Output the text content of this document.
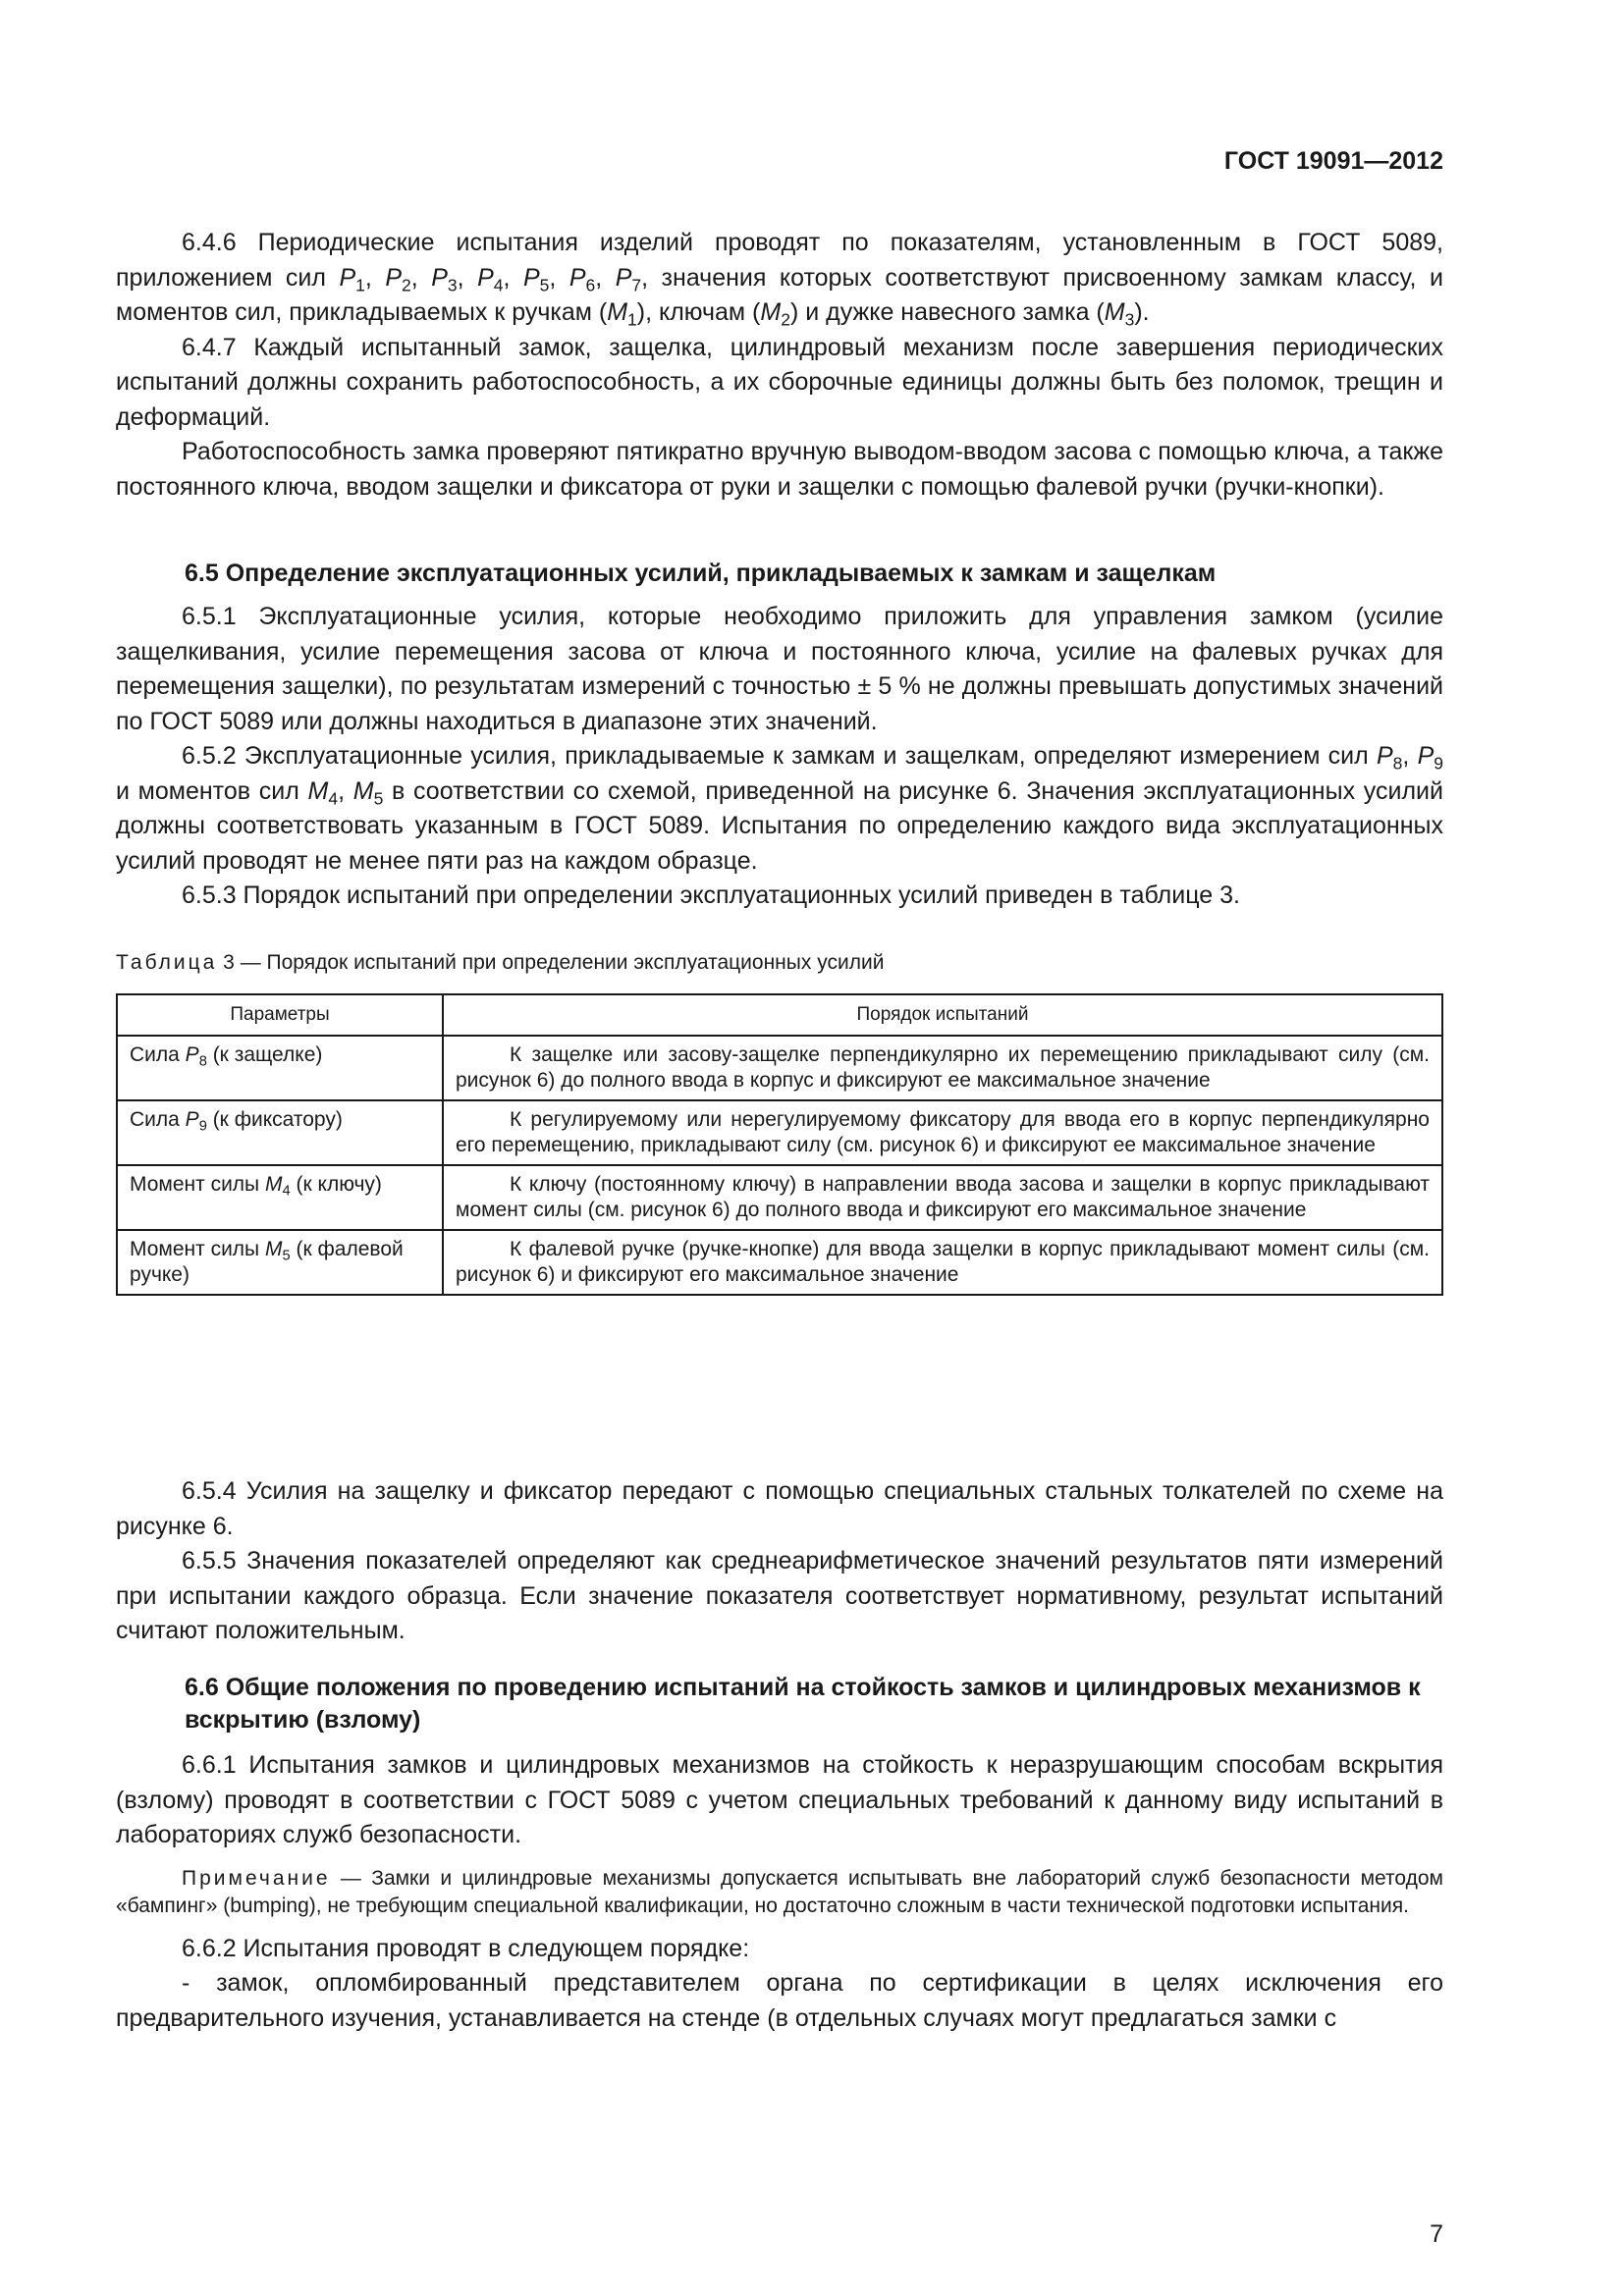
ГОСТ 19091—2012

6.4.6 Периодические испытания изделий проводят по показателям, установленным в ГОСТ 5089, приложением сил $P_1$, $P_2$, $P_3$, $P_4$, $P_5$, $P_6$, $P_7$, значения которых соответствуют присвоенному замкам классу, и моментов сил, прикладываемых к ручкам $(M_1)$, ключам $(M_2)$ и дужке навесного замка $(M_3)$.

6.4.7 Каждый испытанный замок, защелка, цилиндровый механизм после завершения периодических испытаний должны сохранить работоспособность, а их сборочные единицы должны быть без поломок, трещин и деформаций.

Работоспособность замка проверяют пятикратно вручную выводом-вводом засова с помощью ключа, а также постоянного ключа, вводом защелки и фиксатора от руки и защелки с помощью фалевой ручки (ручки-кнопки).

6.5 Определение эксплуатационных усилий, прикладываемых к замкам и защелкам

6.5.1 Эксплуатационные усилия, которые необходимо приложить для управления замком (усилие защелкивания, усилие перемещения засова от ключа и постоянного ключа, усилие на фалевых ручках для перемещения защелки), по результатам измерений с точностью ± 5 % не должны превышать допустимых значений по ГОСТ 5089 или должны находиться в диапазоне этих значений.

6.5.2 Эксплуатационные усилия, прикладываемые к замкам и защелкам, определяют измерением сил $P_8$, $P_9$ и моментов сил $M_4$, $M_5$ в соответствии со схемой, приведенной на рисунке 6. Значения эксплуатационных усилий должны соответствовать указанным в ГОСТ 5089. Испытания по определению каждого вида эксплуатационных усилий проводят не менее пяти раз на каждом образце.

6.5.3 Порядок испытаний при определении эксплуатационных усилий приведен в таблице 3.

Таблица 3 — Порядок испытаний при определении эксплуатационных усилий

Параметры	Порядок испытаний
Сила $P_8$ (к защелке)	К защелке или засову-защелке перпендикулярно их перемещению прикладывают силу (см. рисунок 6) до полного ввода в корпус и фиксируют ее максимальное значение
Сила $P_9$ (к фиксатору)	К регулируемому или нерегулируемому фиксатору для ввода его в корпус перпендикулярно его перемещению, прикладывают силу (см. рисунок 6) и фиксируют ее максимальное значение
Момент силы $M_4$ (к ключу)	К ключу (постоянному ключу) в направлении ввода засова и защелки в корпус прикладывают момент силы (см. рисунок 6) до полного ввода и фиксируют его максимальное значение
Момент силы $M_5$ (к фалевой ручке)	К фалевой ручке (ручке-кнопке) для ввода защелки в корпус прикладывают момент силы (см. рисунок 6) и фиксируют его максимальное значение

6.5.4 Усилия на защелку и фиксатор передают с помощью специальных стальных толкателей по схеме на рисунке 6.

6.5.5 Значения показателей определяют как среднеарифметическое значений результатов пяти измерений при испытании каждого образца. Если значение показателя соответствует нормативному, результат испытаний считают положительным.

6.6 Общие положения по проведению испытаний на стойкость замков и цилиндровых механизмов к вскрытию (взлому)

6.6.1 Испытания замков и цилиндровых механизмов на стойкость к неразрушающим способам вскрытия (взлому) проводят в соответствии с ГОСТ 5089 с учетом специальных требований к данному виду испытаний в лабораториях служб безопасности.

Примечание — Замки и цилиндровые механизмы допускается испытывать вне лабораторий служб безопасности методом «бампинг» (bumping), не требующим специальной квалификации, но достаточно сложным в части технической подготовки испытания.

6.6.2 Испытания проводят в следующем порядке:

- замок, опломбированный представителем органа по сертификации в целях исключения его предварительного изучения, устанавливается на стенде (в отдельных случаях могут предлагаться замки с

7
